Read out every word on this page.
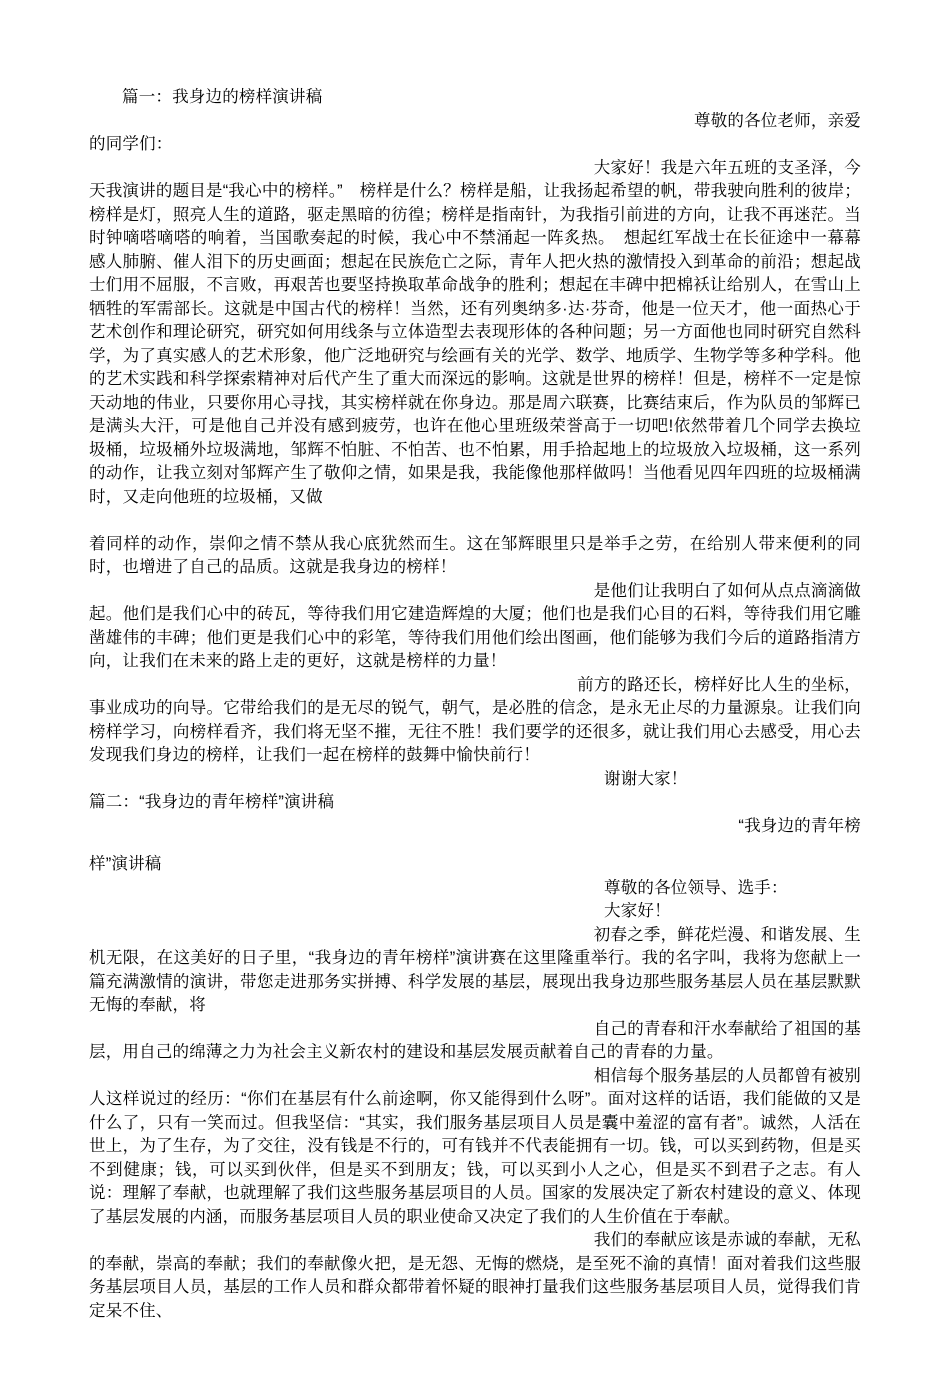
篇一：我身边的榜样演讲稿
尊敬的各位老师，亲爱
的同学们：
大家好！我是六年五班的支圣泽，今
天我演讲的题目是“我心中的榜样。”　榜样是什么？榜样是船，让我扬起希望的帆，带我驶向胜利的彼岸；榜样是灯，照亮人生的道路，驱走黑暗的彷徨；榜样是指南针，为我指引前进的方向，让我不再迷茫。当时钟嘀嗒嘀嗒的响着，当国歌奏起的时候，我心中不禁涌起一阵炙热。　想起红军战士在长征途中一幕幕感人肺腑、催人泪下的历史画面；想起在民族危亡之际，青年人把火热的激情投入到革命的前沿；想起战士们用不屈服，不言败，再艰苦也要坚持换取革命战争的胜利；想起在丰碑中把棉袄让给别人，在雪山上牺牲的军需部长。这就是中国古代的榜样！当然，还有列奥纳多·达·芬奇，他是一位天才，他一面热心于艺术创作和理论研究，研究如何用线条与立体造型去表现形体的各种问题；另一方面他也同时研究自然科学，为了真实感人的艺术形象，他广泛地研究与绘画有关的光学、数学、地质学、生物学等多种学科。他的艺术实践和科学探索精神对后代产生了重大而深远的影响。这就是世界的榜样！但是，榜样不一定是惊天动地的伟业，只要你用心寻找，其实榜样就在你身边。那是周六联赛，比赛结束后，作为队员的邹辉已是满头大汗，可是他自己并没有感到疲劳，也许在他心里班级荣誉高于一切吧!依然带着几个同学去换垃圾桶，垃圾桶外垃圾满地，邹辉不怕脏、不怕苦、也不怕累，用手拾起地上的垃圾放入垃圾桶，这一系列的动作，让我立刻对邹辉产生了敬仰之情，如果是我，我能像他那样做吗！当他看见四年四班的垃圾桶满时，又走向他班的垃圾桶，又做

着同样的动作，崇仰之情不禁从我心底犹然而生。这在邹辉眼里只是举手之劳，在给别人带来便利的同时，也增进了自己的品质。这就是我身边的榜样！
是他们让我明白了如何从点点滴滴做
起。他们是我们心中的砖瓦，等待我们用它建造辉煌的大厦；他们也是我们心目的石料，等待我们用它雕凿雄伟的丰碑；他们更是我们心中的彩笔，等待我们用他们绘出图画，他们能够为我们今后的道路指清方向，让我们在未来的路上走的更好，这就是榜样的力量！
前方的路还长，榜样好比人生的坐标，
事业成功的向导。它带给我们的是无尽的锐气，朝气，是必胜的信念，是永无止尽的力量源泉。让我们向榜样学习，向榜样看齐，我们将无坚不摧，无往不胜！我们要学的还很多，就让我们用心去感受，用心去发现我们身边的榜样，让我们一起在榜样的鼓舞中愉快前行！
谢谢大家！
篇二：“我身边的青年榜样”演讲稿
“我身边的青年榜
样”演讲稿
尊敬的各位领导、选手：
大家好！
初春之季，鲜花烂漫、和谐发展、生
机无限，在这美好的日子里，“我身边的青年榜样”演讲赛在这里隆重举行。我的名字叫，我将为您献上一篇充满激情的演讲，带您走进那务实拼搏、科学发展的基层，展现出我身边那些服务基层人员在基层默默无悔的奉献，将
自己的青春和汗水奉献给了祖国的基
层，用自己的绵薄之力为社会主义新农村的建设和基层发展贡献着自己的青春的力量。
相信每个服务基层的人员都曾有被别
人这样说过的经历：“你们在基层有什么前途啊，你又能得到什么呀”。面对这样的话语，我们能做的又是什么了，只有一笑而过。但我坚信：“其实，我们服务基层项目人员是囊中羞涩的富有者”。诚然，人活在世上，为了生存，为了交往，没有钱是不行的，可有钱并不代表能拥有一切。钱，可以买到药物，但是买不到健康；钱，可以买到伙伴，但是买不到朋友；钱，可以买到小人之心，但是买不到君子之志。有人说：理解了奉献，也就理解了我们这些服务基层项目的人员。国家的发展决定了新农村建设的意义、体现了基层发展的内涵，而服务基层项目人员的职业使命又决定了我们的人生价值在于奉献。
我们的奉献应该是赤诚的奉献，无私
的奉献，崇高的奉献；我们的奉献像火把，是无怨、无悔的燃烧，是至死不渝的真情！面对着我们这些服务基层项目人员，基层的工作人员和群众都带着怀疑的眼神打量我们这些服务基层项目人员，觉得我们肯定呆不住、
